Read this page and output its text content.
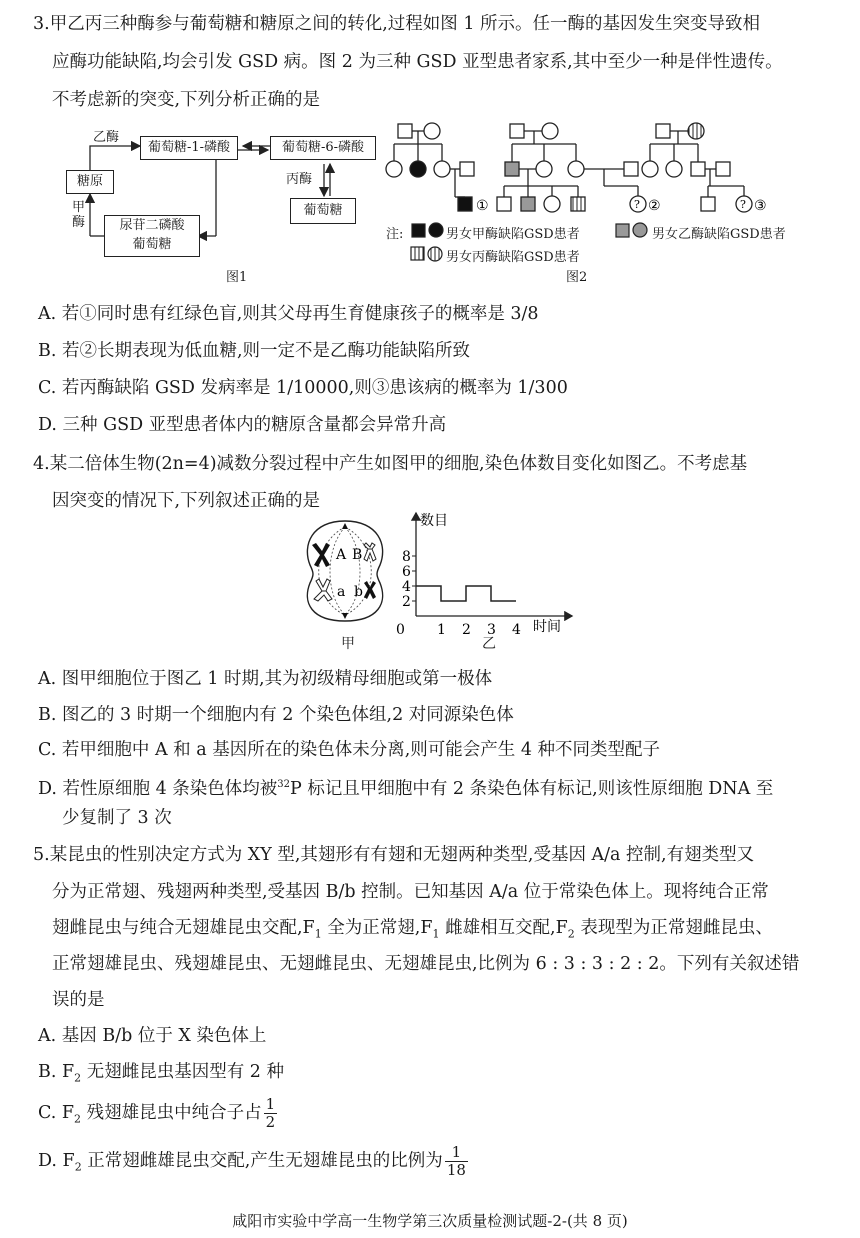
3.甲乙丙三种酶参与葡萄糖和糖原之间的转化,过程如图 1 所示。任一酶的基因发生突变导致相
应酶功能缺陷,均会引发 GSD 病。图 2 为三种 GSD 亚型患者家系,其中至少一种是伴性遗传。
不考虑新的突变,下列分析正确的是
葡萄糖-1-磷酸	葡萄糖-6-磷酸
糖原
尿苷二磷酸
葡萄糖
葡萄糖
乙酶
丙酶
甲酶
图1
? ②	? ③
①
注:	男女甲酶缺陷GSD患者	男女乙酶缺陷GSD患者
男女丙酶缺陷GSD患者
图2
A. 若①同时患有红绿色盲,则其父母再生育健康孩子的概率是 3/8
B. 若②长期表现为低血糖,则一定不是乙酶功能缺陷所致
C. 若丙酶缺陷 GSD 发病率是 1/10000,则③患该病的概率为 1/300
D. 三种 GSD 亚型患者体内的糖原含量都会异常升高
4.某二倍体生物(2n=4)减数分裂过程中产生如图甲的细胞,染色体数目变化如图乙。不考虑基
因突变的情况下,下列叙述正确的是
A B
a b
甲
数目
时间
0 1 2 3 4
2
4
6
8
乙
A. 图甲细胞位于图乙 1 时期,其为初级精母细胞或第一极体
B. 图乙的 3 时期一个细胞内有 2 个染色体组,2 对同源染色体
C. 若甲细胞中 A 和 a 基因所在的染色体未分离,则可能会产生 4 种不同类型配子
D. 若性原细胞 4 条染色体均被$^{32}$P 标记且甲细胞中有 2 条染色体有标记,则该性原细胞 DNA 至
少复制了 3 次
5.某昆虫的性别决定方式为 XY 型,其翅形有有翅和无翅两种类型,受基因 A/a 控制,有翅类型又
分为正常翅、残翅两种类型,受基因 B/b 控制。已知基因 A/a 位于常染色体上。现将纯合正常
翅雌昆虫与纯合无翅雄昆虫交配$,F_1$ 全为正常翅$,F_1$ 雌雄相互交配$,F_2$ 表现型为正常翅雌昆虫、
正常翅雄昆虫、残翅雄昆虫、无翅雌昆虫、无翅雄昆虫,比例为 6 : 3 : 3 : 2 : 2。下列有关叙述错
误的是
A. 基因 B/b 位于 X 染色体上
B. $F_2$ 无翅雌昆虫基因型有 2 种
C. $F_2$ 残翅雄昆虫中纯合子占 $\frac{1}{2}$
D. $F_2$ 正常翅雌雄昆虫交配,产生无翅雄昆虫的比例为 $\frac{1}{18}$
咸阳市实验中学高一生物学第三次质量检测试题-2-(共 8 页)
